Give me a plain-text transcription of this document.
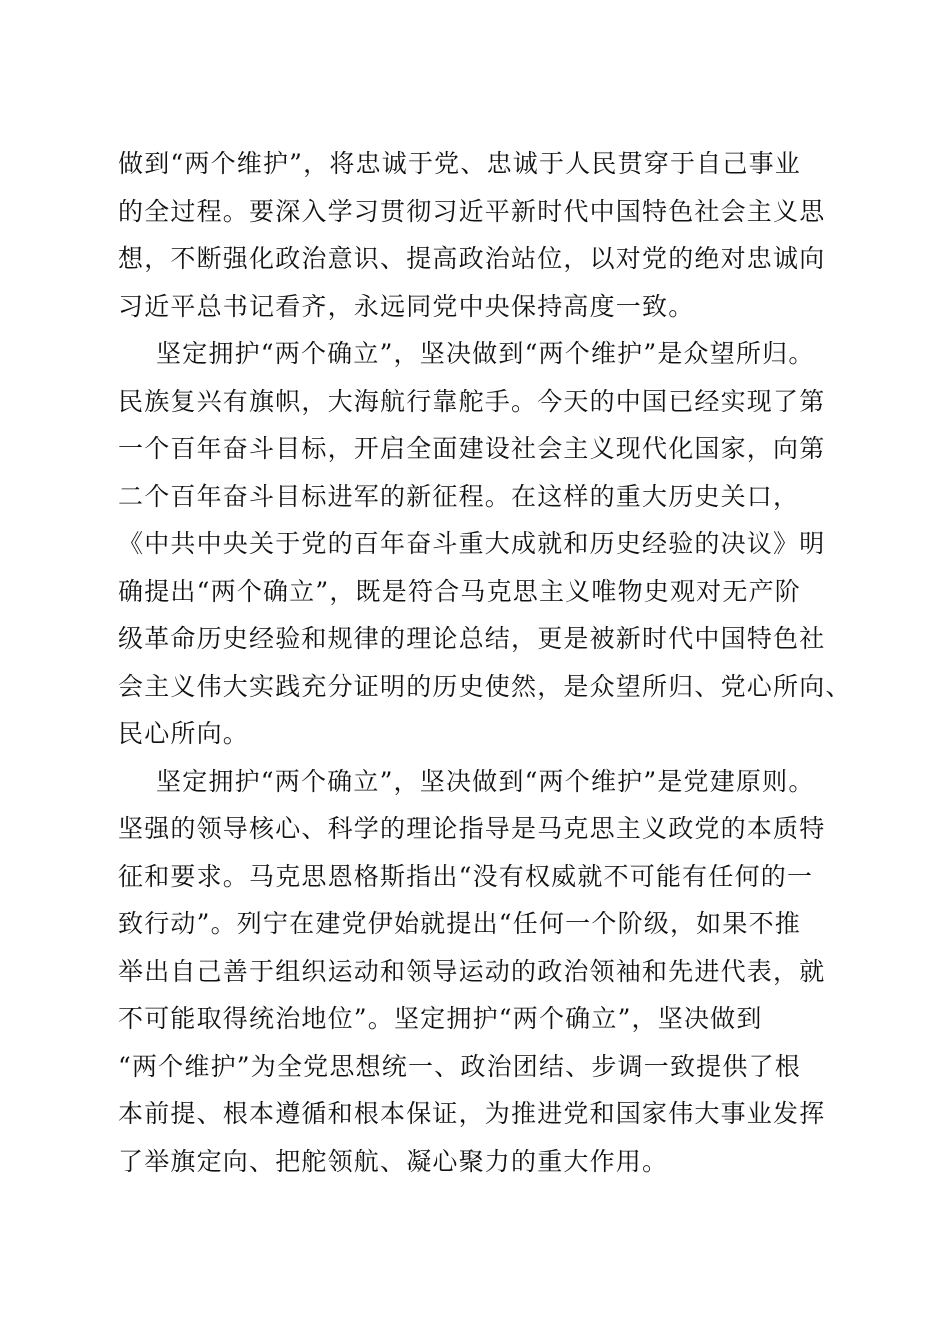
做到“两个维护”，将忠诚于党、忠诚于人民贯穿于自己事业
的全过程。要深入学习贯彻习近平新时代中国特色社会主义思
想，不断强化政治意识、提高政治站位，以对党的绝对忠诚向
习近平总书记看齐，永远同党中央保持高度一致。
坚定拥护“两个确立”，坚决做到“两个维护”是众望所归。
民族复兴有旗帜，大海航行靠舵手。今天的中国已经实现了第
一个百年奋斗目标，开启全面建设社会主义现代化国家，向第
二个百年奋斗目标进军的新征程。在这样的重大历史关口，
《中共中央关于党的百年奋斗重大成就和历史经验的决议》明
确提出“两个确立”，既是符合马克思主义唯物史观对无产阶
级革命历史经验和规律的理论总结，更是被新时代中国特色社
会主义伟大实践充分证明的历史使然，是众望所归、党心所向、
民心所向。
坚定拥护“两个确立”，坚决做到“两个维护”是党建原则。
坚强的领导核心、科学的理论指导是马克思主义政党的本质特
征和要求。马克思恩格斯指出“没有权威就不可能有任何的一
致行动”。列宁在建党伊始就提出“任何一个阶级，如果不推
举出自己善于组织运动和领导运动的政治领袖和先进代表，就
不可能取得统治地位”。坚定拥护“两个确立”，坚决做到
“两个维护”为全党思想统一、政治团结、步调一致提供了根
本前提、根本遵循和根本保证，为推进党和国家伟大事业发挥
了举旗定向、把舵领航、凝心聚力的重大作用。
